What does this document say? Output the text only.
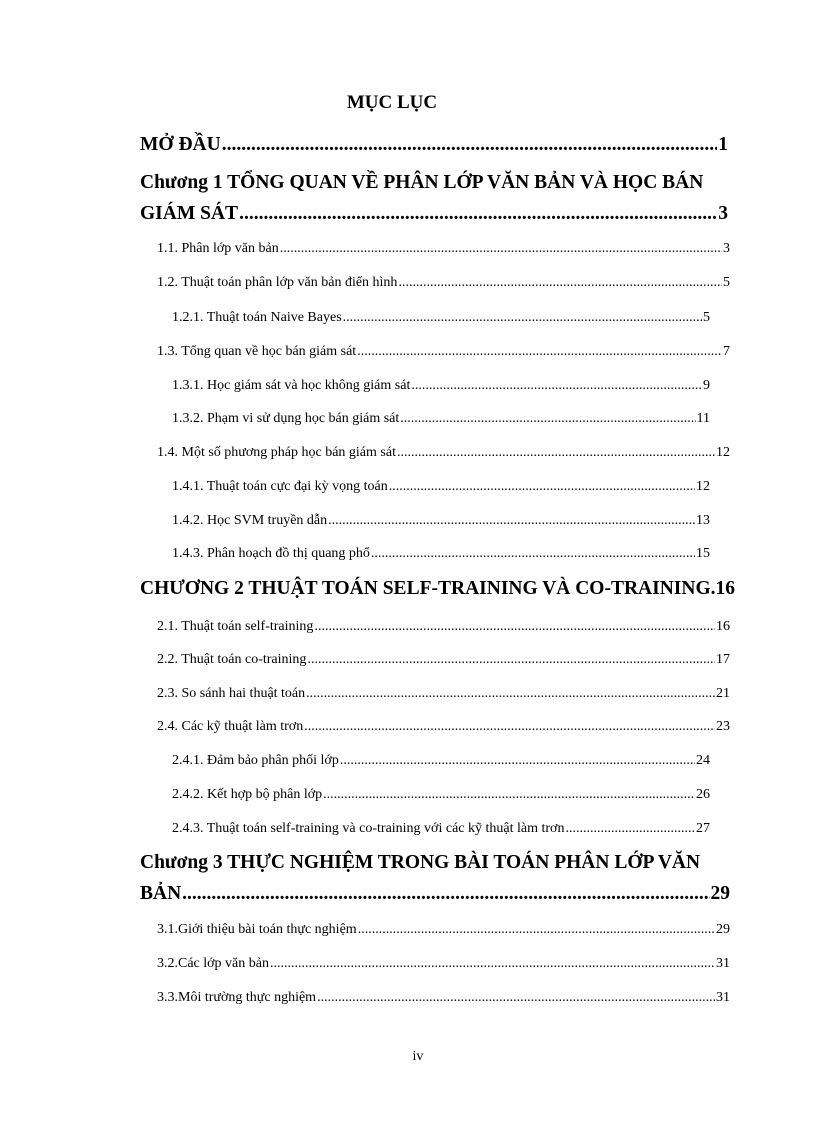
MỤC LỤC
MỞ ĐẦU .....	1
Chương 1 TỔNG QUAN VỀ PHÂN LỚP VĂN BẢN VÀ HỌC BÁN
GIÁM SÁT .....	3
1.1. Phân lớp văn bản .....	3
1.2. Thuật toán phân lớp văn bản điển hình .....	5
1.2.1. Thuật toán Naive Bayes .....	5
1.3. Tổng quan về học bán giám sát .....	7
1.3.1. Học giám sát và học không giám sát .....	9
1.3.2. Phạm vi sử dụng học bán giám sát .....	11
1.4. Một số phương pháp học bán giám sát .....	12
1.4.1. Thuật toán cực đại kỳ vọng toán .....	12
1.4.2. Học SVM truyền dẫn .....	13
1.4.3. Phân hoạch đồ thị quang phổ .....	15
CHƯƠNG 2 THUẬT TOÁN SELF-TRAINING VÀ CO-TRAINING. 16
2.1. Thuật toán self-training .....	16
2.2. Thuật toán co-training .....	17
2.3. So sánh hai thuật toán .....	21
2.4. Các kỹ thuật làm trơn .....	23
2.4.1. Đảm bảo phân phối lớp .....	24
2.4.2. Kết hợp bộ phân lớp .....	26
2.4.3. Thuật toán self-training và co-training với các kỹ thuật làm trơn .....	27
Chương 3 THỰC NGHIỆM TRONG BÀI TOÁN PHÂN LỚP VĂN
BẢN .....	29
3.1. Giới thiệu bài toán thực nghiệm .....	29
3.2. Các lớp văn bản .....	31
3.3. Môi trường thực nghiệm .....	31
iv
